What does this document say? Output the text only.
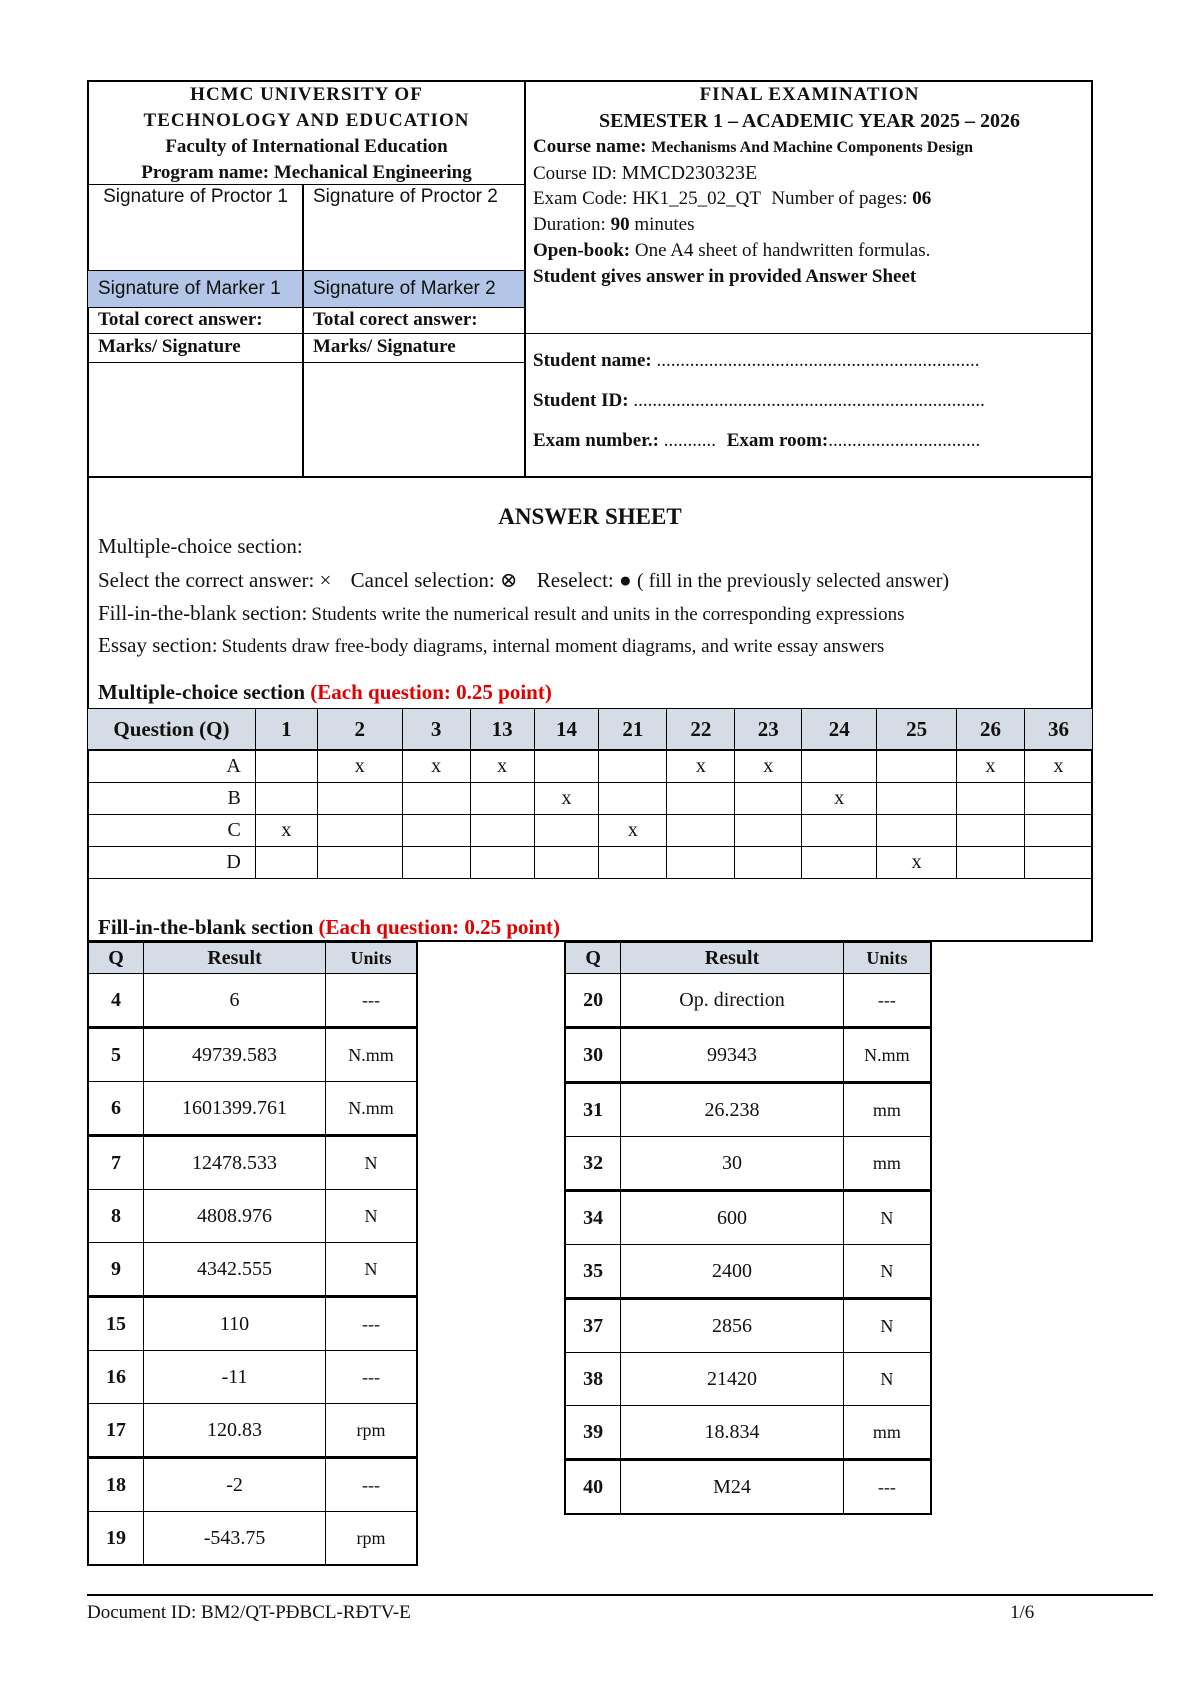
HCMC UNIVERSITY OF
TECHNOLOGY AND EDUCATION
Faculty of International Education
Program name: Mechanical Engineering
Signature of Proctor 1	Signature of Proctor 2
Signature of Marker 1	Signature of Marker 2
Total corect answer:	Total corect answer:
Marks/ Signature	Marks/ Signature
FINAL EXAMINATION
SEMESTER 1 – ACADEMIC YEAR 2025 – 2026
Course name: Mechanisms And Machine Components Design
Course ID: MMCD230323E
Exam Code: HK1_25_02_QT Number of pages: 06
Duration: 90 minutes
Open-book: One A4 sheet of handwritten formulas.
Student gives answer in provided Answer Sheet
Student name: ....................................................................
Student ID: ..........................................................................
Exam number.: ........... Exam room:................................
ANSWER SHEET
Multiple-choice section:
Select the correct answer: × Cancel selection: ⊗ Reselect: ● ( fill in the previously selected answer)
Fill-in-the-blank section: Students write the numerical result and units in the corresponding expressions
Essay section: Students draw free-body diagrams, internal moment diagrams, and write essay answers
Multiple-choice section (Each question: 0.25 point)
Question (Q)	1	2	3	13	14	21	22	23	24	25	26	36
A		x	x	x			x	x			x	x
B					x				x			
C	x					x						
D										x		
Fill-in-the-blank section (Each question: 0.25 point)
Q	Result	Units
4	6	---
5	49739.583	N.mm
6	1601399.761	N.mm
7	12478.533	N
8	4808.976	N
9	4342.555	N
15	110	---
16	-11	---
17	120.83	rpm
18	-2	---
19	-543.75	rpm
Q	Result	Units
20	Op. direction	---
30	99343	N.mm
31	26.238	mm
32	30	mm
34	600	N
35	2400	N
37	2856	N
38	21420	N
39	18.834	mm
40	M24	---
Document ID: BM2/QT-PĐBCL-RĐTV-E	1/6
